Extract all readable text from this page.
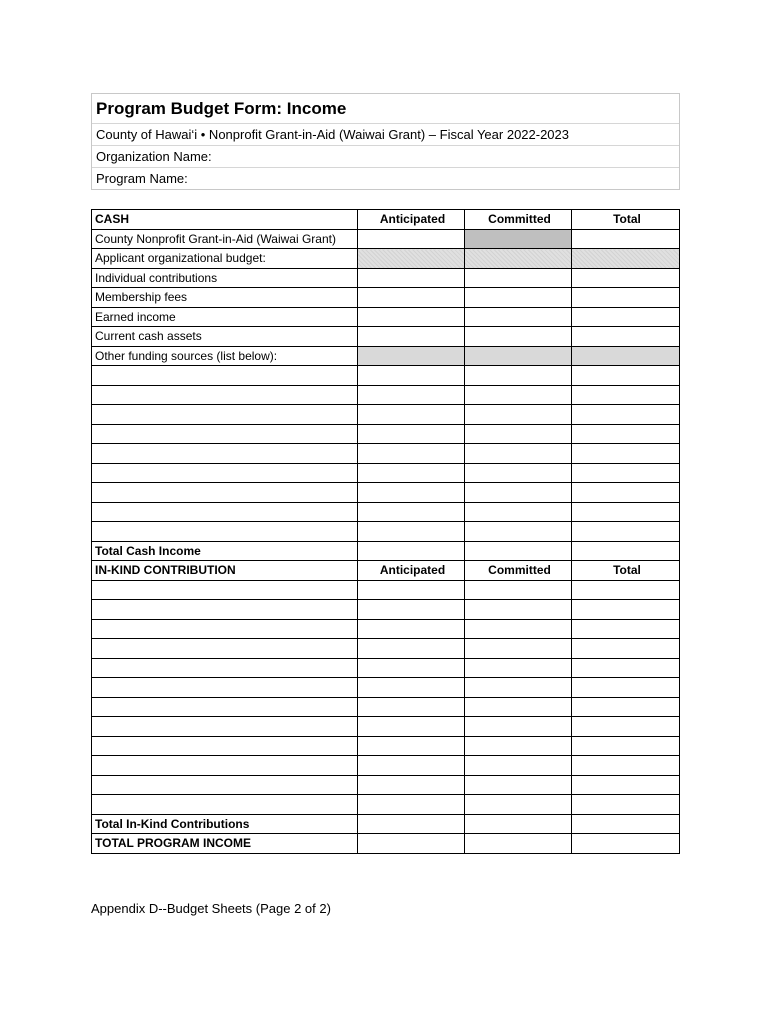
Program Budget Form: Income
County of Hawai‘i • Nonprofit Grant-in-Aid (Waiwai Grant) – Fiscal Year 2022-2023
Organization Name:
Program Name:
CASH	Anticipated	Committed	Total
County Nonprofit Grant-in-Aid (Waiwai Grant)			
Applicant organizational budget:			
Individual contributions			
Membership fees			
Earned income			
Current cash assets			
Other funding sources (list below):			

Total Cash Income			
IN-KIND CONTRIBUTION	Anticipated	Committed	Total

Total In-Kind Contributions			
TOTAL PROGRAM INCOME			
Appendix D--Budget Sheets (Page 2 of 2)
